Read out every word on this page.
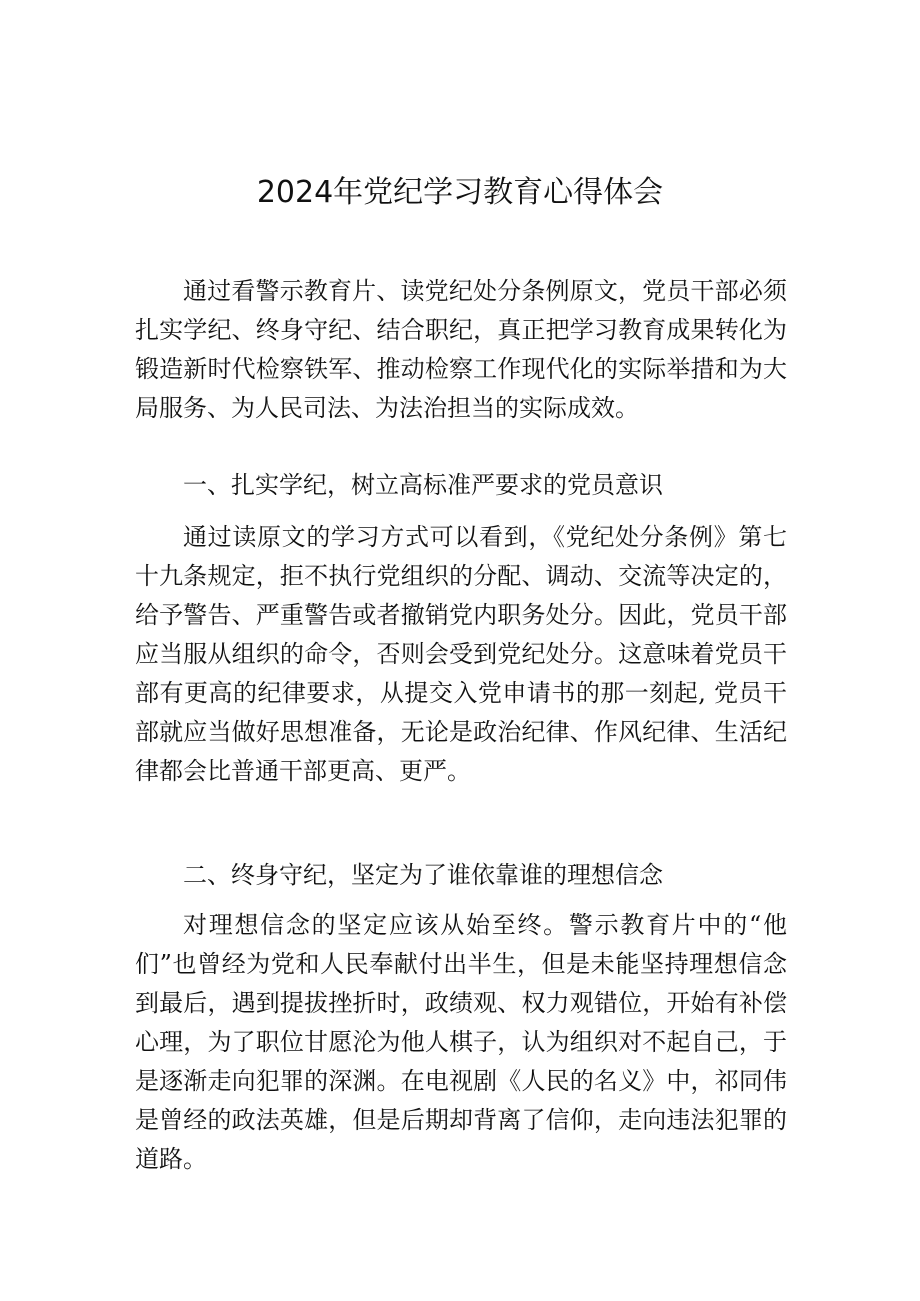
2024年党纪学习教育心得体会

通过看警示教育片、读党纪处分条例原文，党员干部必须扎实学纪、终身守纪、结合职纪，真正把学习教育成果转化为锻造新时代检察铁军、推动检察工作现代化的实际举措和为大局服务、为人民司法、为法治担当的实际成效。

一、扎实学纪，树立高标准严要求的党员意识

通过读原文的学习方式可以看到，《党纪处分条例》第七十九条规定，拒不执行党组织的分配、调动、交流等决定的，给予警告、严重警告或者撤销党内职务处分。因此，党员干部应当服从组织的命令，否则会受到党纪处分。这意味着党员干部有更高的纪律要求，从提交入党申请书的那一刻起, 党员干部就应当做好思想准备，无论是政治纪律、作风纪律、生活纪律都会比普通干部更高、更严。

二、终身守纪，坚定为了谁依靠谁的理想信念

对理想信念的坚定应该从始至终。警示教育片中的“他们”也曾经为党和人民奉献付出半生，但是未能坚持理想信念到最后，遇到提拔挫折时，政绩观、权力观错位，开始有补偿心理，为了职位甘愿沦为他人棋子，认为组织对不起自己，于是逐渐走向犯罪的深渊。在电视剧《人民的名义》中，祁同伟是曾经的政法英雄，但是后期却背离了信仰，走向违法犯罪的道路。
